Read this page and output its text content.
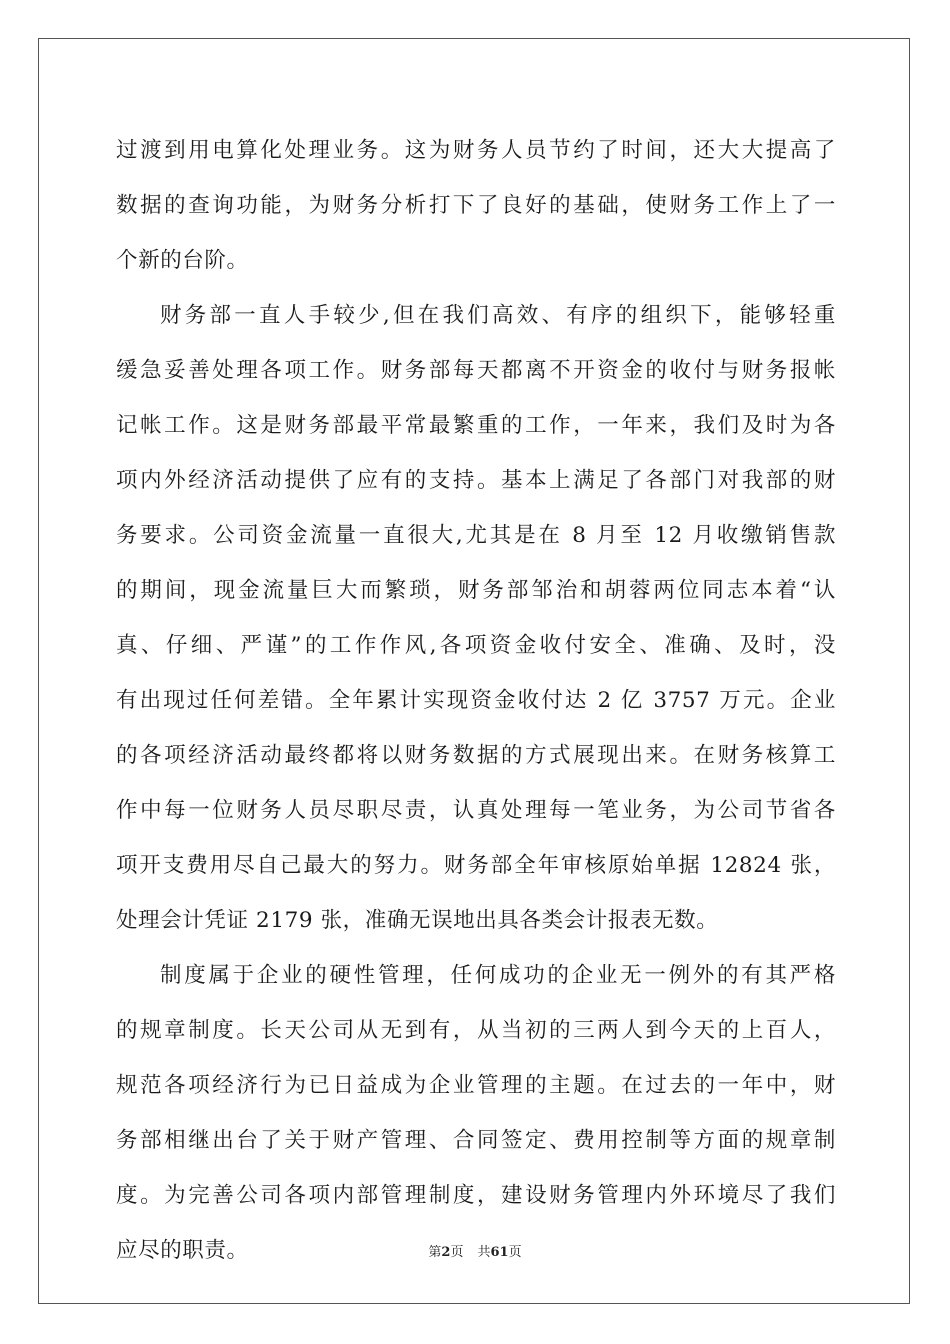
过渡到用电算化处理业务。这为财务人员节约了时间，还大大提高了
数据的查询功能，为财务分析打下了良好的基础，使财务工作上了一
个新的台阶。
财务部一直人手较少,但在我们高效、有序的组织下，能够轻重
缓急妥善处理各项工作。财务部每天都离不开资金的收付与财务报帐
记帐工作。这是财务部最平常最繁重的工作，一年来，我们及时为各
项内外经济活动提供了应有的支持。基本上满足了各部门对我部的财
务要求。公司资金流量一直很大,尤其是在 8 月至 12 月收缴销售款
的期间，现金流量巨大而繁琐，财务部邹治和胡蓉两位同志本着“认
真、仔细、严谨”的工作作风,各项资金收付安全、准确、及时，没
有出现过任何差错。全年累计实现资金收付达 2 亿 3757 万元。企业
的各项经济活动最终都将以财务数据的方式展现出来。在财务核算工
作中每一位财务人员尽职尽责，认真处理每一笔业务，为公司节省各
项开支费用尽自己最大的努力。财务部全年审核原始单据 12824 张，
处理会计凭证 2179 张，准确无误地出具各类会计报表无数。
制度属于企业的硬性管理，任何成功的企业无一例外的有其严格
的规章制度。长天公司从无到有，从当初的三两人到今天的上百人，
规范各项经济行为已日益成为企业管理的主题。在过去的一年中，财
务部相继出台了关于财产管理、合同签定、费用控制等方面的规章制
度。为完善公司各项内部管理制度，建设财务管理内外环境尽了我们
应尽的职责。	第2页 共61页
